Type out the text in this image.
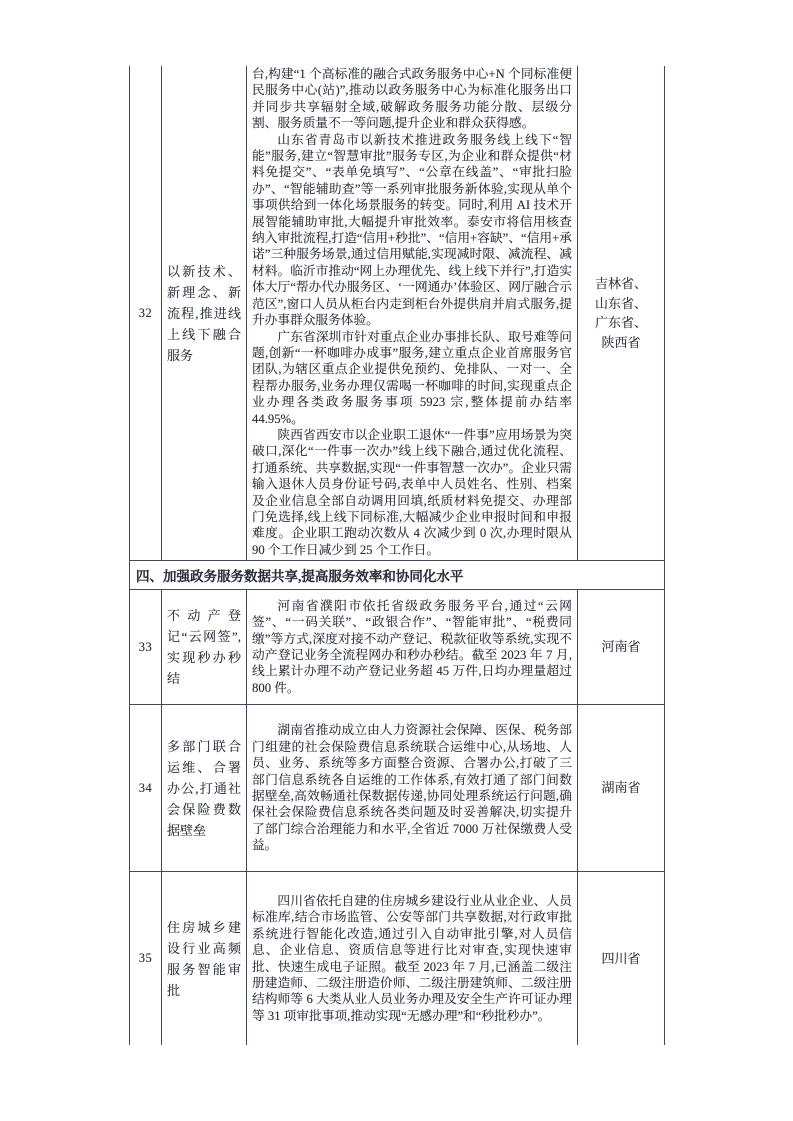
32
以新技术、新理念、新流程,推进线上线下融合服务

台,构建“1 个高标准的融合式政务服务中心+N 个同标准便民服务中心(站)”,推动以政务服务中心为标准化服务出口并同步共享辐射全域,破解政务服务功能分散、层级分割、服务质量不一等问题,提升企业和群众获得感。

山东省青岛市以新技术推进政务服务线上线下“智能”服务,建立“智慧审批”服务专区,为企业和群众提供“材料免提交”、“表单免填写”、“公章在线盖”、“审批扫脸办”、“智能辅助查”等一系列审批服务新体验,实现从单个事项供给到一体化场景服务的转变。同时,利用 AI 技术开展智能辅助审批,大幅提升审批效率。泰安市将信用核查纳入审批流程,打造“信用+秒批”、“信用+容缺”、“信用+承诺”三种服务场景,通过信用赋能,实现减时限、减流程、减材料。临沂市推动“网上办理优先、线上线下并行”,打造实体大厅“帮办代办服务区、‘一网通办’体验区、网厅融合示范区”,窗口人员从柜台内走到柜台外提供肩并肩式服务,提升办事群众服务体验。

广东省深圳市针对重点企业办事排长队、取号难等问题,创新“一杯咖啡办成事”服务,建立重点企业首席服务官团队,为辖区重点企业提供免预约、免排队、一对一、全程帮办服务,业务办理仅需喝一杯咖啡的时间,实现重点企业办理各类政务服务事项 5923 宗,整体提前办结率 44.95%。

陕西省西安市以企业职工退休“一件事”应用场景为突破口,深化“一件事一次办”线上线下融合,通过优化流程、打通系统、共享数据,实现“一件事智慧一次办”。企业只需输入退休人员身份证号码,表单中人员姓名、性别、档案及企业信息全部自动调用回填,纸质材料免提交、办理部门免选择,线上线下同标准,大幅减少企业申报时间和申报难度。企业职工跑动次数从 4 次减少到 0 次,办理时限从 90 个工作日减少到 25 个工作日。

吉林省、
山东省、
广东省、
陕西省
四、加强政务服务数据共享,提高服务效率和协同化水平
33
不动产登记“云网签”,实现秒办秒结

河南省濮阳市依托省级政务服务平台,通过“云网签”、“一码关联”、“政银合作”、“智能审批”、“税费同缴”等方式,深度对接不动产登记、税款征收等系统,实现不动产登记业务全流程网办和秒办秒结。截至 2023 年 7 月,线上累计办理不动产登记业务超 45 万件,日均办理量超过 800 件。

河南省
34
多部门联合运维、合署办公,打通社会保险费数据壁垒

湖南省推动成立由人力资源社会保障、医保、税务部门组建的社会保险费信息系统联合运维中心,从场地、人员、业务、系统等多方面整合资源、合署办公,打破了三部门信息系统各自运维的工作体系,有效打通了部门间数据壁垒,高效畅通社保数据传递,协同处理系统运行问题,确保社会保险费信息系统各类问题及时妥善解决,切实提升了部门综合治理能力和水平,全省近 7000 万社保缴费人受益。

湖南省
35
住房城乡建设行业高频服务智能审批

四川省依托自建的住房城乡建设行业从业企业、人员标准库,结合市场监管、公安等部门共享数据,对行政审批系统进行智能化改造,通过引入自动审批引擎,对人员信息、企业信息、资质信息等进行比对审查,实现快速审批、快速生成电子证照。截至 2023 年 7 月,已涵盖二级注册建造师、二级注册造价师、二级注册建筑师、二级注册结构师等 6 大类从业人员业务办理及安全生产许可证办理等 31 项审批事项,推动实现“无感办理”和“秒批秒办”。

四川省
